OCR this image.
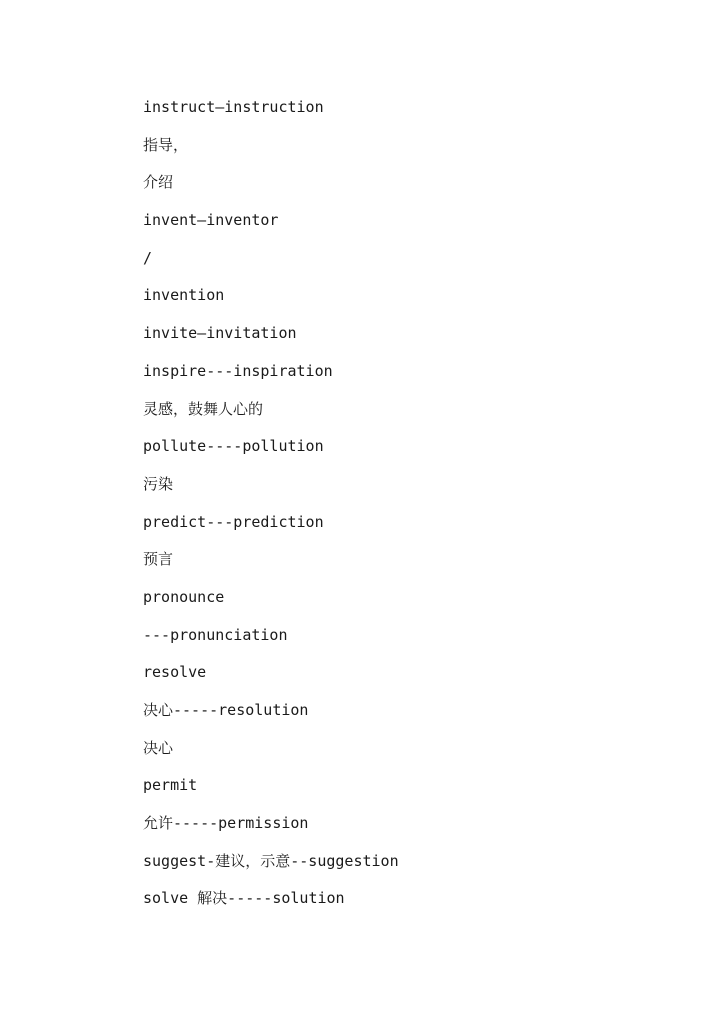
instruct—instruction
指导，
介绍
invent—inventor
/
invention
invite—invitation
inspire---inspiration
灵感，鼓舞人心的
pollute----pollution
污染
predict---prediction
预言
pronounce
---pronunciation
resolve
决心-----resolution
决心
permit
允许-----permission
suggest-建议，示意--suggestion
solve 解决-----solution
